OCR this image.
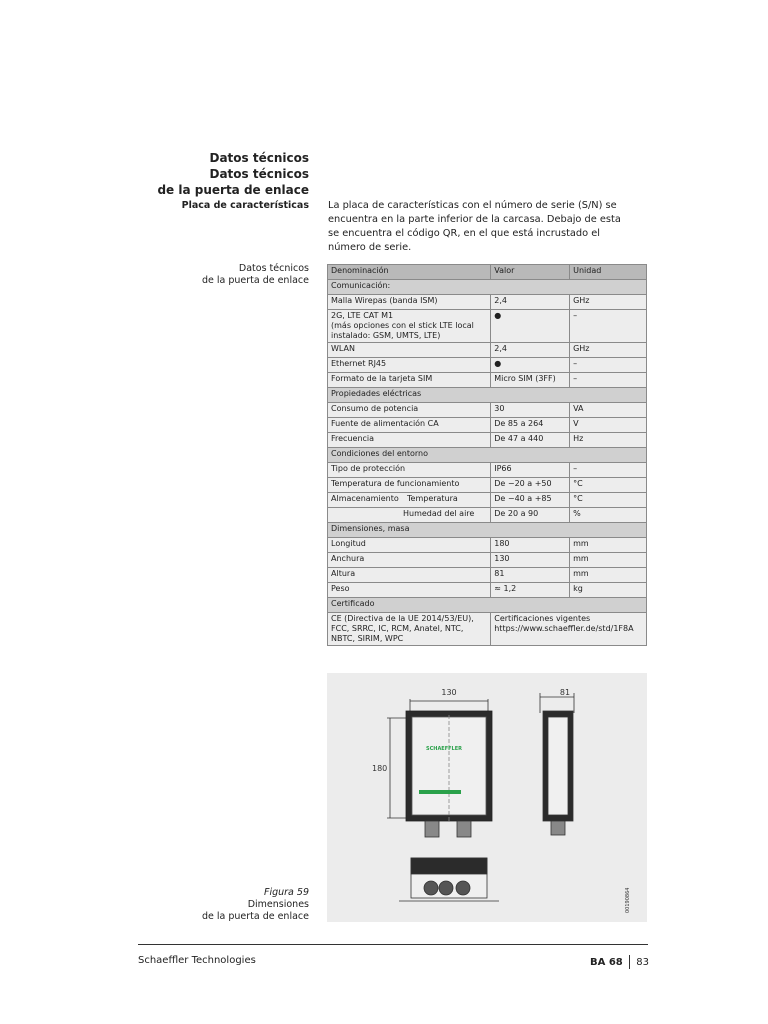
Datos técnicos
Datos técnicos
de la puerta de enlace
Placa de características La placa de características con el número de serie (S/N) se encuentra en la parte inferior de la carcasa. Debajo de esta se encuentra el código QR, en el que está incrustado el número de serie.
Datos técnicos
de la puerta de enlace
Denominación	Valor	Unidad
Comunicación:		
Malla Wirepas (banda ISM)	2,4	GHz
2G, LTE CAT M1
(más opciones con el stick LTE local instalado: GSM, UMTS, LTE)	●	–
WLAN	2,4	GHz
Ethernet RJ45	●	–
Formato de la tarjeta SIM	Micro SIM (3FF)	–
Propiedades eléctricas		
Consumo de potencia	30	VA
Fuente de alimentación CA	De 85 a 264	V
Frecuencia	De 47 a 440	Hz
Condiciones del entorno		
Tipo de protección	IP66	–
Temperatura de funcionamiento	De −20 a +50	°C

Almacenamiento Temperatura	De −40 a +85	°C
Humedad del aire	De 20 a 90	%
Dimensiones, masa		
Longitud	180	mm
Anchura	130	mm
Altura	81	mm
Peso	≈ 1,2	kg
Certificado		
CE (Directiva de la UE 2014/53/EU), FCC, SRRC, IC, RCM, Anatel, NTC, NBTC, SIRIM, WPC	Certificaciones vigentes
https://www.schaeffler.de/std/1F8A	
130
180
81
SCHAEFFLER
00190864
Figura 59
Dimensiones
de la puerta de enlace
Schaeffler Technologies	BA 68 83
